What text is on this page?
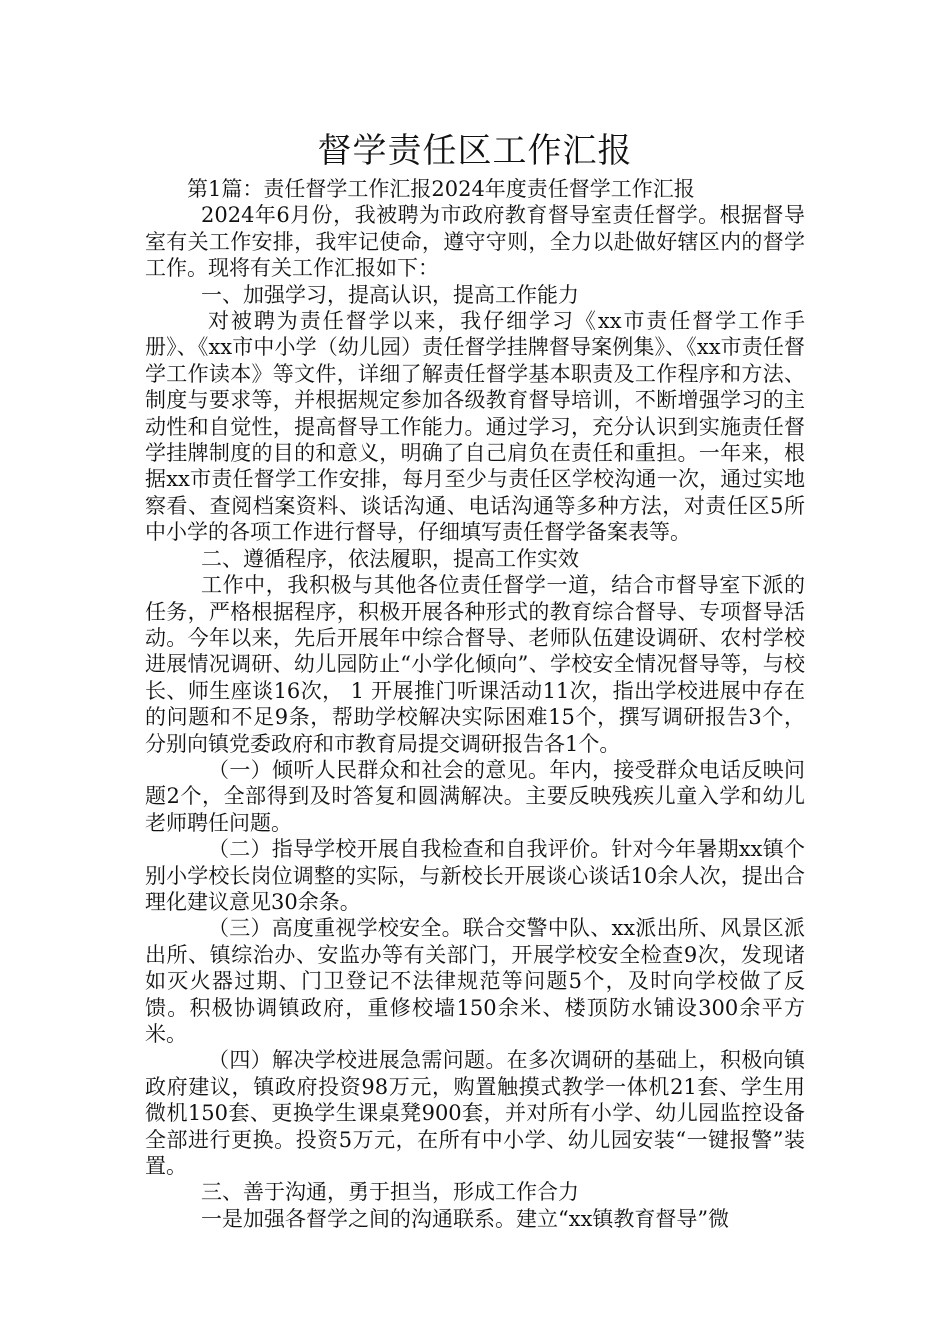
督学责任区工作汇报

第1篇：责任督学工作汇报2024年度责任督学工作汇报

2024年6月份，我被聘为市政府教育督导室责任督学。根据督导室有关工作安排，我牢记使命，遵守守则，全力以赴做好辖区内的督学工作。现将有关工作汇报如下：

一、加强学习，提高认识，提高工作能力

对被聘为责任督学以来，我仔细学习《xx市责任督学工作手册》、《xx市中小学（幼儿园）责任督学挂牌督导案例集》、《xx市责任督学工作读本》等文件，详细了解责任督学基本职责及工作程序和方法、制度与要求等，并根据规定参加各级教育督导培训，不断增强学习的主动性和自觉性，提高督导工作能力。通过学习，充分认识到实施责任督学挂牌制度的目的和意义，明确了自己肩负在责任和重担。一年来，根据xx市责任督学工作安排，每月至少与责任区学校沟通一次，通过实地察看、查阅档案资料、谈话沟通、电话沟通等多种方法，对责任区5所中小学的各项工作进行督导，仔细填写责任督学备案表等。

二、遵循程序，依法履职，提高工作实效

工作中，我积极与其他各位责任督学一道，结合市督导室下派的任务，严格根据程序，积极开展各种形式的教育综合督导、专项督导活动。今年以来，先后开展年中综合督导、老师队伍建设调研、农村学校进展情况调研、幼儿园防止“小学化倾向”、学校安全情况督导等，与校长、师生座谈16次， 1 开展推门听课活动11次，指出学校进展中存在的问题和不足9条，帮助学校解决实际困难15个，撰写调研报告3个，分别向镇党委政府和市教育局提交调研报告各1个。

（一）倾听人民群众和社会的意见。年内，接受群众电话反映问题2个，全部得到及时答复和圆满解决。主要反映残疾儿童入学和幼儿老师聘任问题。

（二）指导学校开展自我检查和自我评价。针对今年暑期xx镇个别小学校长岗位调整的实际，与新校长开展谈心谈话10余人次，提出合理化建议意见30余条。

（三）高度重视学校安全。联合交警中队、xx派出所、风景区派出所、镇综治办、安监办等有关部门，开展学校安全检查9次，发现诸如灭火器过期、门卫登记不法律规范等问题5个，及时向学校做了反馈。积极协调镇政府，重修校墙150余米、楼顶防水铺设300余平方米。

（四）解决学校进展急需问题。在多次调研的基础上，积极向镇政府建议，镇政府投资98万元，购置触摸式教学一体机21套、学生用微机150套、更换学生课桌凳900套，并对所有小学、幼儿园监控设备全部进行更换。投资5万元，在所有中小学、幼儿园安装“一键报警”装置。

三、善于沟通，勇于担当，形成工作合力

一是加强各督学之间的沟通联系。建立“xx镇教育督导”微
